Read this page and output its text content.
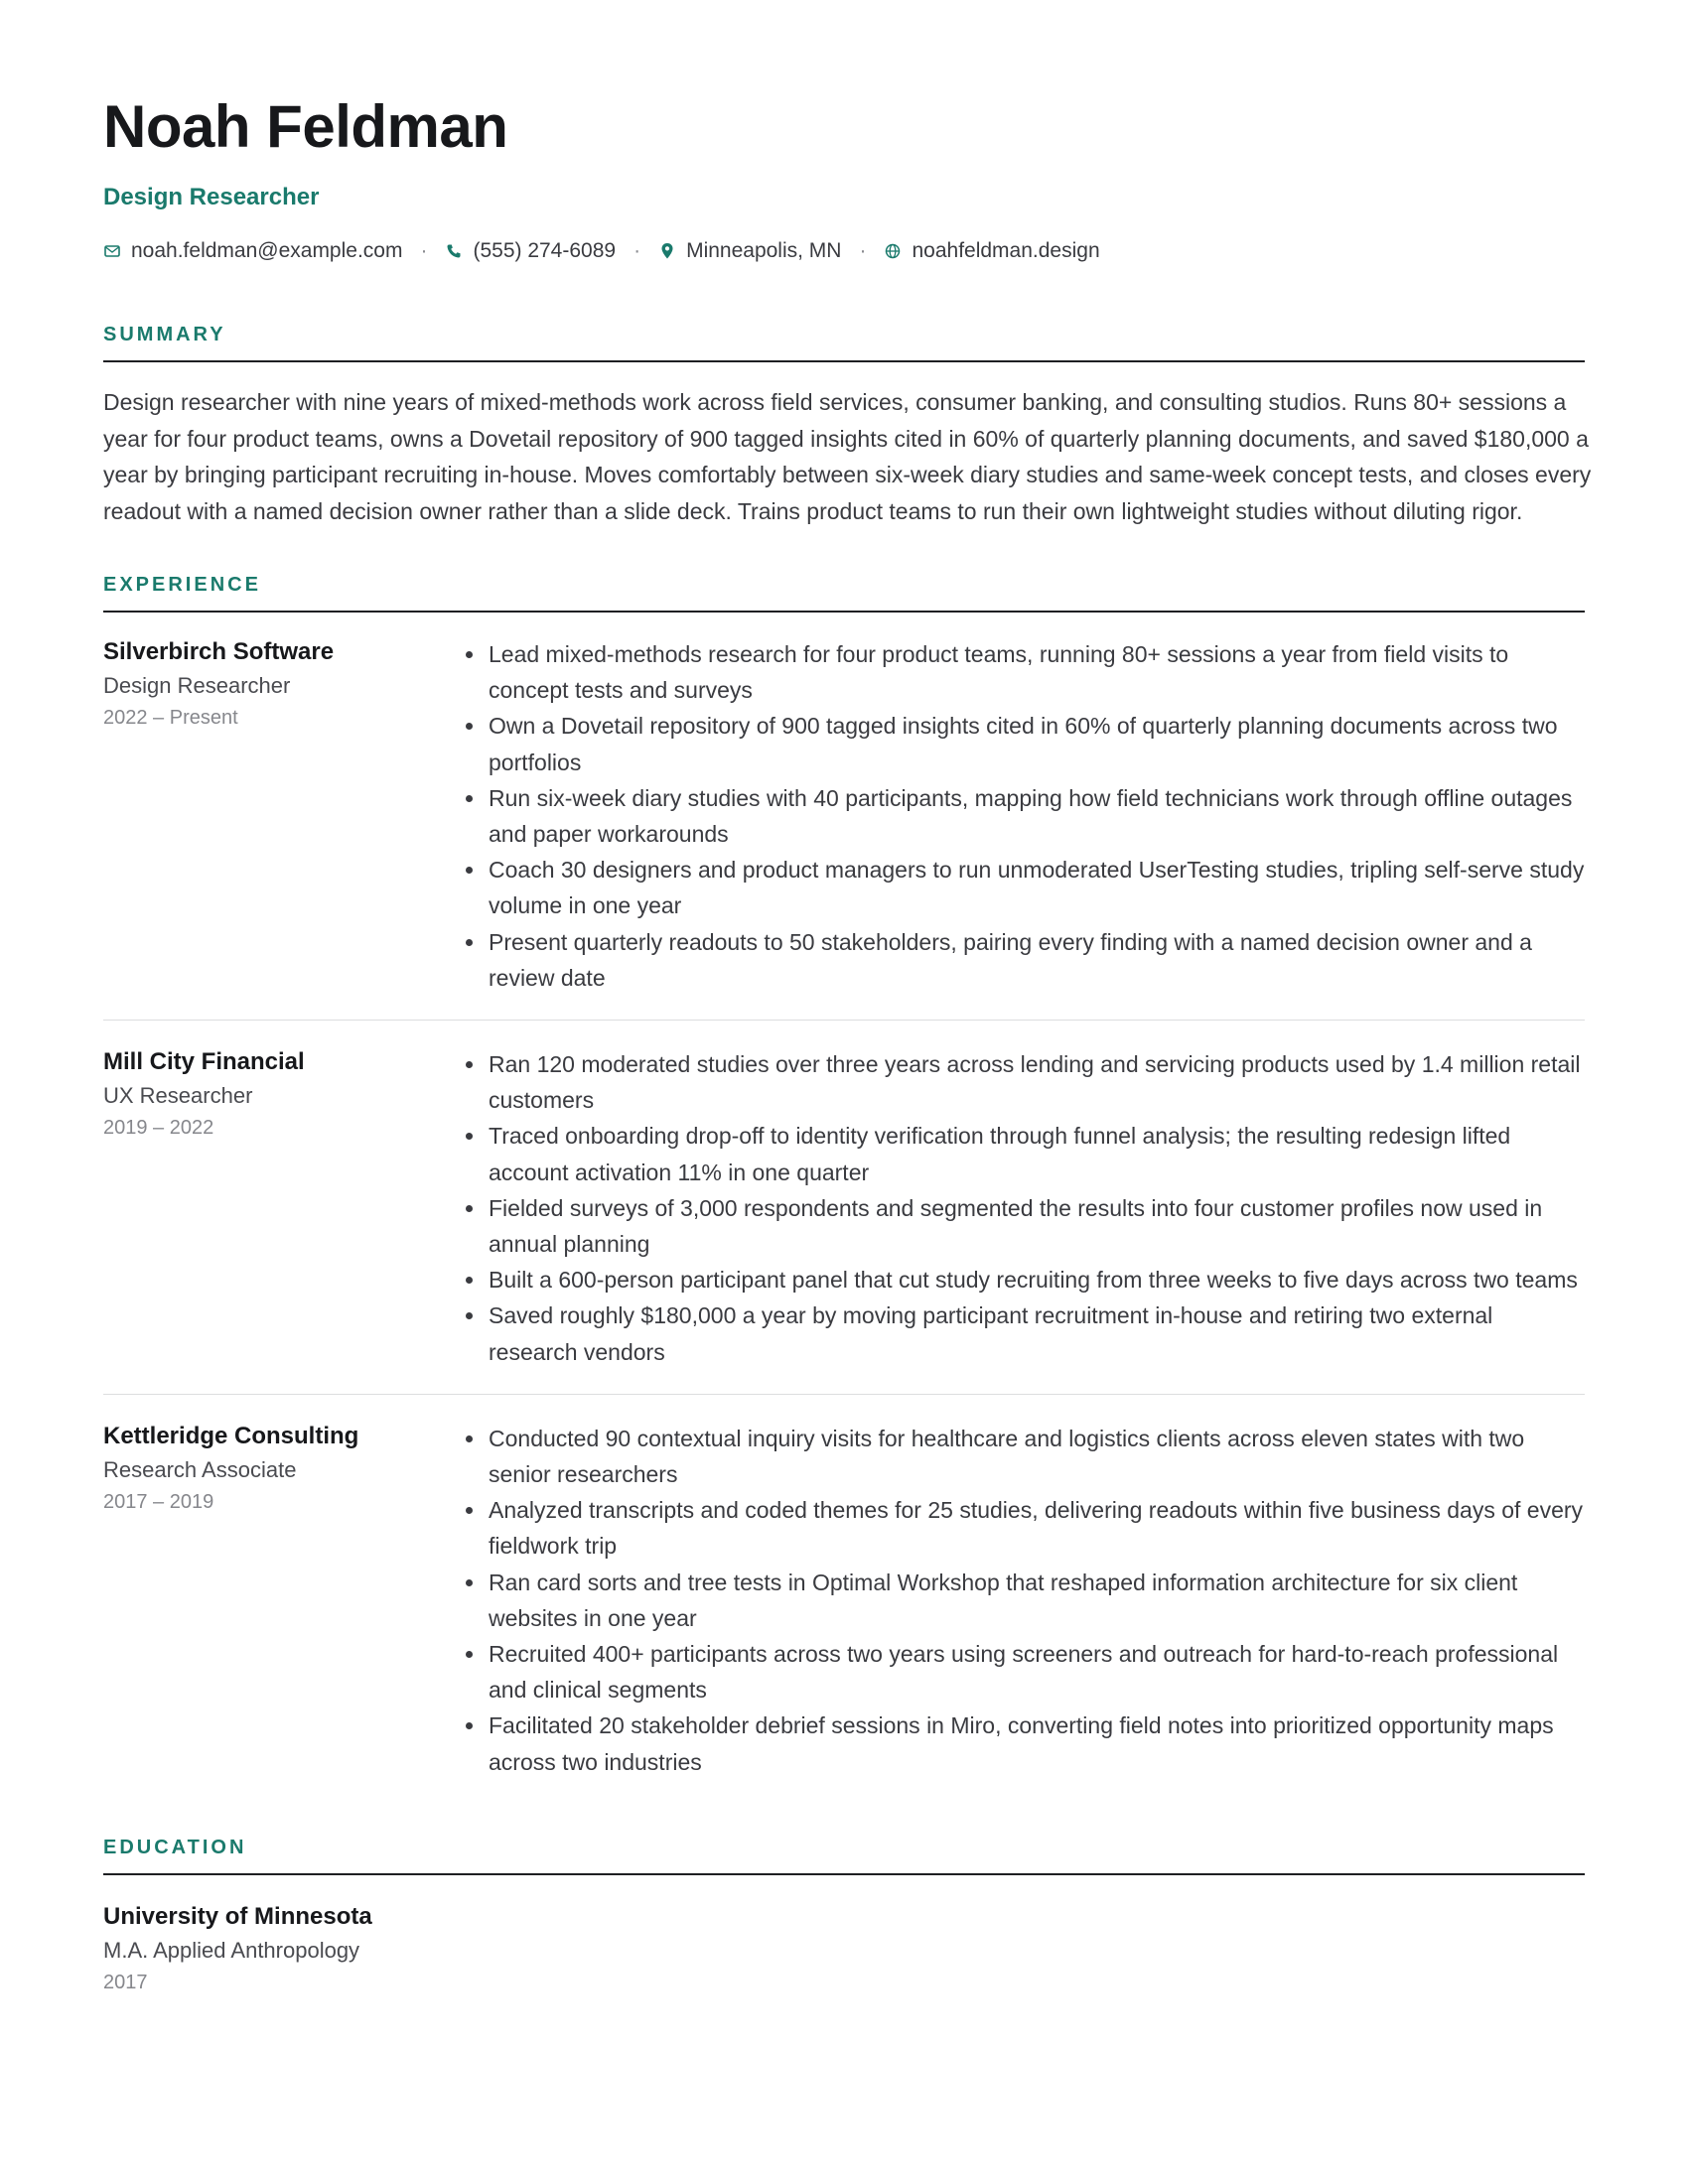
Noah Feldman
Design Researcher
noah.feldman@example.com · (555) 274-6089 · Minneapolis, MN · noahfeldman.design
SUMMARY

Design researcher with nine years of mixed-methods work across field services, consumer banking, and consulting studios. Runs 80+ sessions a year for four product teams, owns a Dovetail repository of 900 tagged insights cited in 60% of quarterly planning documents, and saved $180,000 a year by bringing participant recruiting in-house. Moves comfortably between six-week diary studies and same-week concept tests, and closes every readout with a named decision owner rather than a slide deck. Trains product teams to run their own lightweight studies without diluting rigor.

EXPERIENCE
Silverbirch Software
Design Researcher
2022 – Present
• Lead mixed-methods research for four product teams, running 80+ sessions a year from field visits to concept tests and surveys
• Own a Dovetail repository of 900 tagged insights cited in 60% of quarterly planning documents across two portfolios
• Run six-week diary studies with 40 participants, mapping how field technicians work through offline outages and paper workarounds
• Coach 30 designers and product managers to run unmoderated UserTesting studies, tripling self-serve study volume in one year
• Present quarterly readouts to 50 stakeholders, pairing every finding with a named decision owner and a review date
Mill City Financial
UX Researcher
2019 – 2022
• Ran 120 moderated studies over three years across lending and servicing products used by 1.4 million retail customers
• Traced onboarding drop-off to identity verification through funnel analysis; the resulting redesign lifted account activation 11% in one quarter
• Fielded surveys of 3,000 respondents and segmented the results into four customer profiles now used in annual planning
• Built a 600-person participant panel that cut study recruiting from three weeks to five days across two teams
• Saved roughly $180,000 a year by moving participant recruitment in-house and retiring two external research vendors
Kettleridge Consulting
Research Associate
2017 – 2019
• Conducted 90 contextual inquiry visits for healthcare and logistics clients across eleven states with two senior researchers
• Analyzed transcripts and coded themes for 25 studies, delivering readouts within five business days of every fieldwork trip
• Ran card sorts and tree tests in Optimal Workshop that reshaped information architecture for six client websites in one year
• Recruited 400+ participants across two years using screeners and outreach for hard-to-reach professional and clinical segments
• Facilitated 20 stakeholder debrief sessions in Miro, converting field notes into prioritized opportunity maps across two industries
EDUCATION
University of Minnesota
M.A. Applied Anthropology
2017
